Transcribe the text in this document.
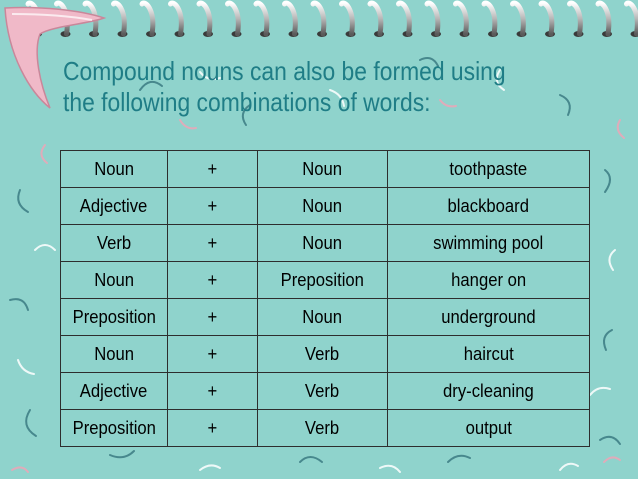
Compound nouns can also be formed using
the following combinations of words:
Noun	+	Noun	toothpaste
Adjective	+	Noun	blackboard
Verb	+	Noun	swimming pool
Noun	+	Preposition	hanger on
Preposition	+	Noun	underground
Noun	+	Verb	haircut
Adjective	+	Verb	dry-cleaning
Preposition	+	Verb	output
